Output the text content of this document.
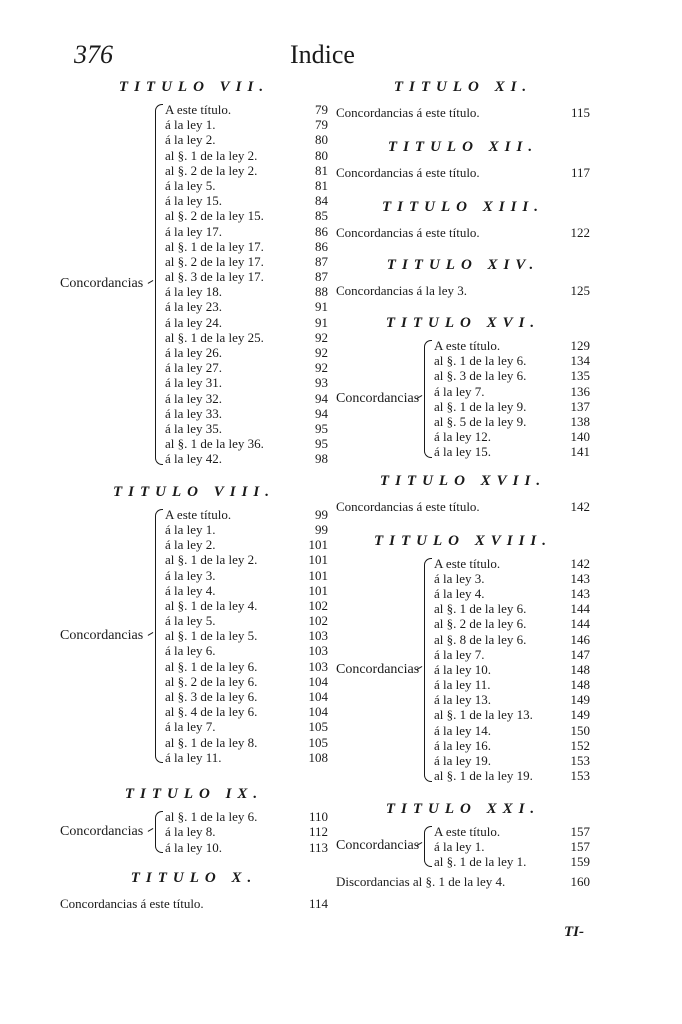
376	Indice
TITULO VII.
Concordancias
A este título.	79
á la ley 1.	79
á la ley 2.	80
al §. 1 de la ley 2.	80
al §. 2 de la ley 2.	81
á la ley 5.	81
á la ley 15.	84
al §. 2 de la ley 15.	85
á la ley 17.	86
al §. 1 de la ley 17.	86
al §. 2 de la ley 17.	87
al §. 3 de la ley 17.	87
á la ley 18.	88
á la ley 23.	91
á la ley 24.	91
al §. 1 de la ley 25.	92
á la ley 26.	92
á la ley 27.	92
á la ley 31.	93
á la ley 32.	94
á la ley 33.	94
á la ley 35.	95
al §. 1 de la ley 36.	95
á la ley 42.	98
TITULO VIII.
Concordancias
A este título.	99
á la ley 1.	99
á la ley 2.	101
al §. 1 de la ley 2.	101
á la ley 3.	101
á la ley 4.	101
al §. 1 de la ley 4.	102
á la ley 5.	102
al §. 1 de la ley 5.	103
á la ley 6.	103
al §. 1 de la ley 6.	103
al §. 2 de la ley 6.	104
al §. 3 de la ley 6.	104
al §. 4 de la ley 6.	104
á la ley 7.	105
al §. 1 de la ley 8.	105
á la ley 11.	108
TITULO IX.
Concordancias
al §. 1 de la ley 6.	110
á la ley 8.	112
á la ley 10.	113
TITULO X.
Concordancias á este título.	114
TITULO XI.
Concordancias á este título.	115
TITULO XII.
Concordancias á este título.	117
TITULO XIII.
Concordancias á este título.	122
TITULO XIV.
Concordancias á la ley 3.	125
TITULO XVI.
Concordancias
A este título.	129
al §. 1 de la ley 6.	134
al §. 3 de la ley 6.	135
á la ley 7.	136
al §. 1 de la ley 9.	137
al §. 5 de la ley 9.	138
á la ley 12.	140
á la ley 15.	141
TITULO XVII.
Concordancias á este título.	142
TITULO XVIII.
Concordancias
A este título.	142
á la ley 3.	143
á la ley 4.	143
al §. 1 de la ley 6.	144
al §. 2 de la ley 6.	144
al §. 8 de la ley 6.	146
á la ley 7.	147
á la ley 10.	148
á la ley 11.	148
á la ley 13.	149
al §. 1 de la ley 13.	149
á la ley 14.	150
á la ley 16.	152
á la ley 19.	153
al §. 1 de la ley 19.	153
TITULO XXI.
Concordancias
A este título.	157
á la ley 1.	157
al §. 1 de la ley 1.	159
Discordancias al §. 1 de la ley 4.	160
TI-
